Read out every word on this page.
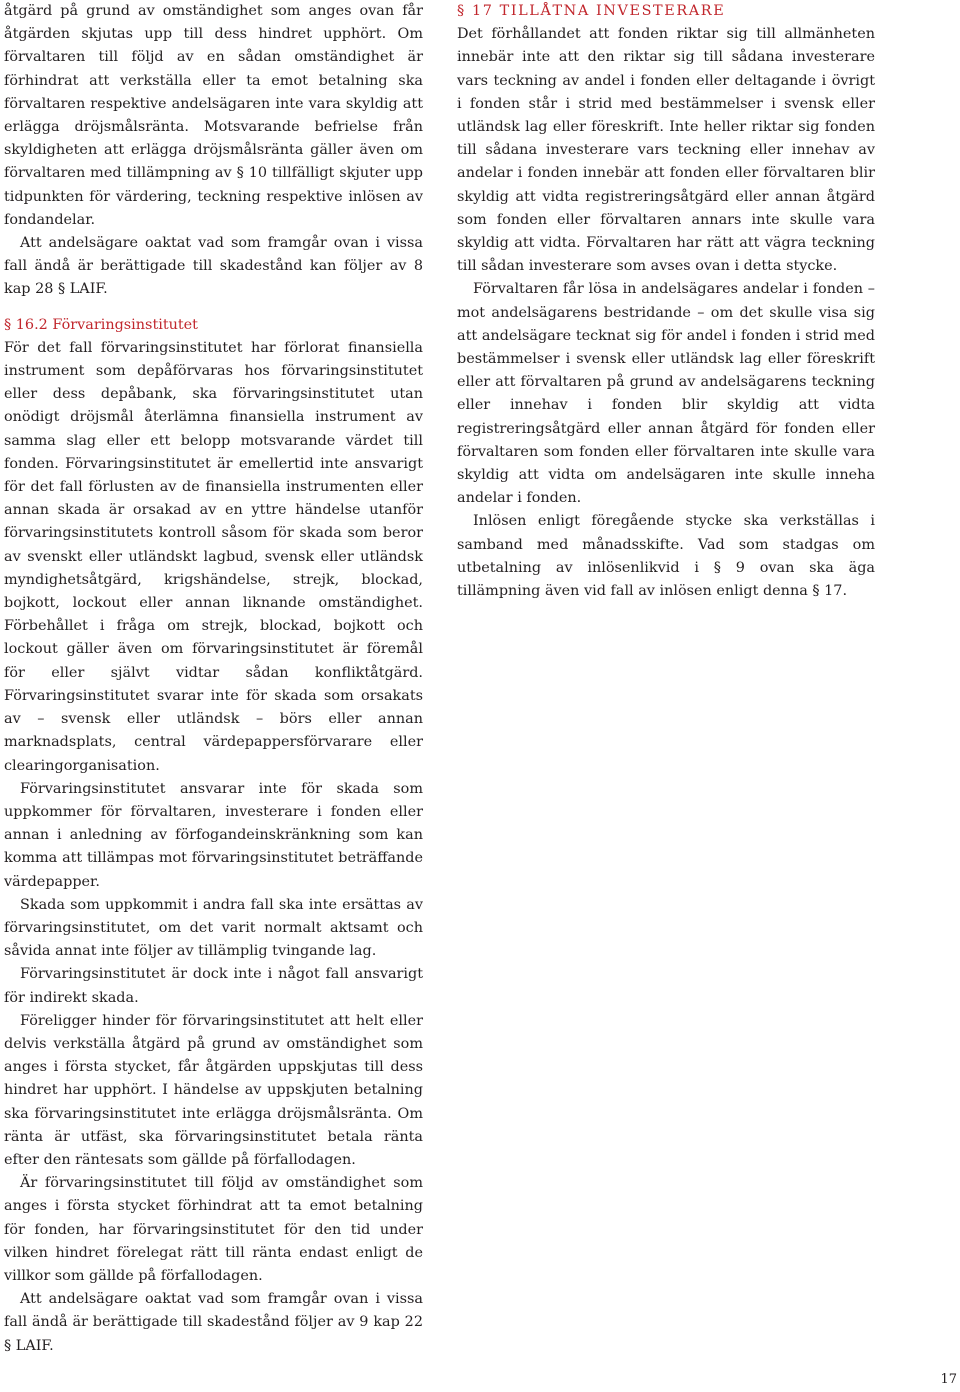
åtgärd på grund av omständighet som anges ovan får åtgärden skjutas upp till dess hindret upphört. Om förvaltaren till följd av en sådan omständighet är förhindrat att verkställa eller ta emot betalning ska förvaltaren respektive andelsägaren inte vara skyldig att erlägga dröjsmålsränta. Motsvarande befrielse från skyldigheten att erlägga dröjsmålsränta gäller även om förvaltaren med tillämpning av § 10 tillfälligt skjuter upp tidpunkten för värdering, teckning respektive inlösen av fondandelar.

Att andelsägare oaktat vad som framgår ovan i vissa fall ändå är berättigade till skadestånd kan följer av 8 kap 28 § LAIF.

§ 16.2 Förvaringsinstitutet

För det fall förvaringsinstitutet har förlorat finansiella instrument som depåförvaras hos förvaringsinstitutet eller dess depåbank, ska förvaringsinstitutet utan onödigt dröjsmål återlämna finansiella instrument av samma slag eller ett belopp motsvarande värdet till fonden. Förvaringsinstitutet är emellertid inte ansvarigt för det fall förlusten av de finansiella instrumenten eller annan skada är orsakad av en yttre händelse utanför förvaringsinstitutets kontroll såsom för skada som beror av svenskt eller utländskt lagbud, svensk eller utländsk myndighetsåtgärd, krigshändelse, strejk, blockad, bojkott, lockout eller annan liknande omständighet. Förbehållet i fråga om strejk, blockad, bojkott och lockout gäller även om förvaringsinstitutet är föremål för eller självt vidtar sådan konfliktåtgärd. Förvaringsinstitutet svarar inte för skada som orsakats av – svensk eller utländsk – börs eller annan marknadsplats, central värdepappersförvarare eller clearingorganisation.

Förvaringsinstitutet ansvarar inte för skada som uppkommer för förvaltaren, investerare i fonden eller annan i anledning av förfogandeinskränkning som kan komma att tillämpas mot förvaringsinstitutet beträffande värdepapper.

Skada som uppkommit i andra fall ska inte ersättas av förvaringsinstitutet, om det varit normalt aktsamt och såvida annat inte följer av tillämplig tvingande lag.

Förvaringsinstitutet är dock inte i något fall ansvarigt för indirekt skada.

Föreligger hinder för förvaringsinstitutet att helt eller delvis verkställa åtgärd på grund av omständighet som anges i första stycket, får åtgärden uppskjutas till dess hindret har upphört. I händelse av uppskjuten betalning ska förvaringsinstitutet inte erlägga dröjsmålsränta. Om ränta är utfäst, ska förvaringsinstitutet betala ränta efter den räntesats som gällde på förfallodagen.

Är förvaringsinstitutet till följd av omständighet som anges i första stycket förhindrat att ta emot betalning för fonden, har förvaringsinstitutet för den tid under vilken hindret förelegat rätt till ränta endast enligt de villkor som gällde på förfallodagen.

Att andelsägare oaktat vad som framgår ovan i vissa fall ändå är berättigade till skadestånd följer av 9 kap 22 § LAIF.

§ 17 TILLÅTNA INVESTERARE

Det förhållandet att fonden riktar sig till allmänheten innebär inte att den riktar sig till sådana investerare vars teckning av andel i fonden eller deltagande i övrigt i fonden står i strid med bestämmelser i svensk eller utländsk lag eller föreskrift. Inte heller riktar sig fonden till sådana investerare vars teckning eller innehav av andelar i fonden innebär att fonden eller förvaltaren blir skyldig att vidta registreringsåtgärd eller annan åtgärd som fonden eller förvaltaren annars inte skulle vara skyldig att vidta. Förvaltaren har rätt att vägra teckning till sådan investerare som avses ovan i detta stycke.

Förvaltaren får lösa in andelsägares andelar i fonden – mot andelsägarens bestridande – om det skulle visa sig att andelsägare tecknat sig för andel i fonden i strid med bestämmelser i svensk eller utländsk lag eller föreskrift eller att förvaltaren på grund av andelsägarens teckning eller innehav i fonden blir skyldig att vidta registreringsåtgärd eller annan åtgärd för fonden eller förvaltaren som fonden eller förvaltaren inte skulle vara skyldig att vidta om andelsägaren inte skulle inneha andelar i fonden.

Inlösen enligt föregående stycke ska verkställas i samband med månadsskifte. Vad som stadgas om utbetalning av inlösenlikvid i § 9 ovan ska äga tillämpning även vid fall av inlösen enligt denna § 17.

17
